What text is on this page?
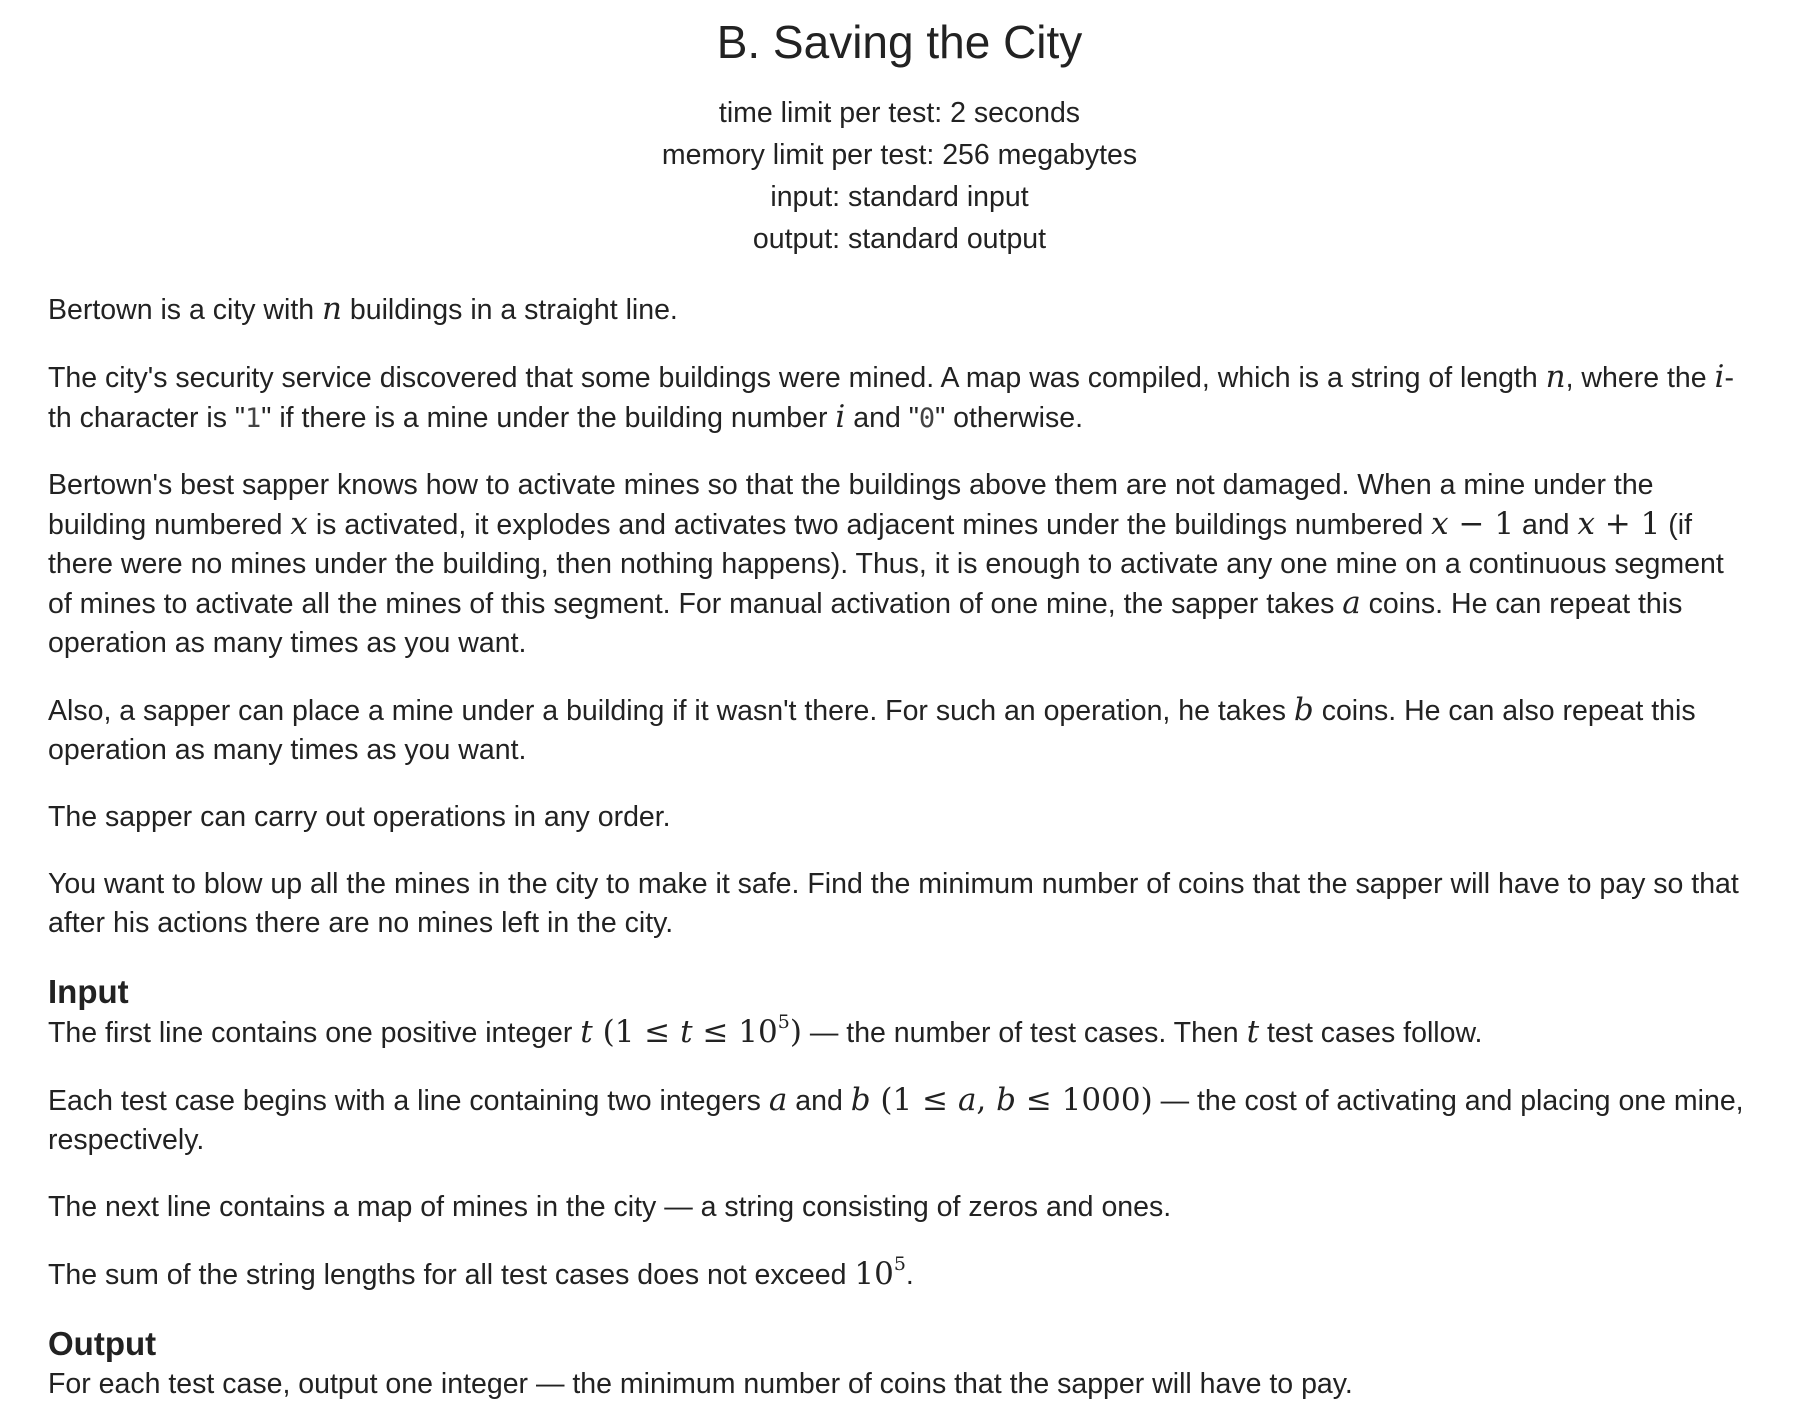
B. Saving the City
time limit per test: 2 seconds
memory limit per test: 256 megabytes
input: standard input
output: standard output

Bertown is a city with n buildings in a straight line.

The city's security service discovered that some buildings were mined. A map was compiled, which is a string of length n, where the i-th character is "1" if there is a mine under the building number i and "0" otherwise.

Bertown's best sapper knows how to activate mines so that the buildings above them are not damaged. When a mine under the building numbered x is activated, it explodes and activates two adjacent mines under the buildings numbered x − 1 and x + 1 (if there were no mines under the building, then nothing happens). Thus, it is enough to activate any one mine on a continuous segment of mines to activate all the mines of this segment. For manual activation of one mine, the sapper takes a coins. He can repeat this operation as many times as you want.

Also, a sapper can place a mine under a building if it wasn't there. For such an operation, he takes b coins. He can also repeat this operation as many times as you want.

The sapper can carry out operations in any order.

You want to blow up all the mines in the city to make it safe. Find the minimum number of coins that the sapper will have to pay so that after his actions there are no mines left in the city.

Input

The first line contains one positive integer t $(1 \le t \le 10^5)$ — the number of test cases. Then t test cases follow.

Each test case begins with a line containing two integers a and b (1 ≤ a, b ≤ 1000) — the cost of activating and placing one mine, respectively.

The next line contains a map of mines in the city — a string consisting of zeros and ones.

The sum of the string lengths for all test cases does not exceed $10^5$.

Output

For each test case, output one integer — the minimum number of coins that the sapper will have to pay.
